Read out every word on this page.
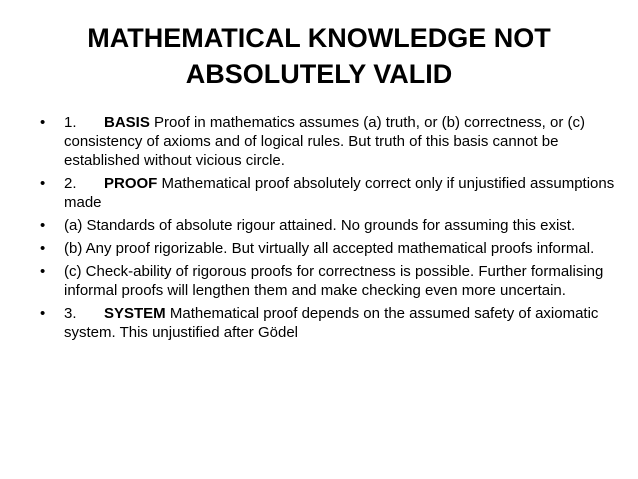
MATHEMATICAL KNOWLEDGE NOT
ABSOLUTELY VALID
•	1. BASIS Proof in mathematics assumes (a) truth, or (b) correctness, or (c) consistency of axioms and of logical rules. But truth of this basis cannot be established without vicious circle.
•	2. PROOF Mathematical proof absolutely correct only if unjustified assumptions made
•	(a) Standards of absolute rigour attained. No grounds for assuming this exist.
•	(b) Any proof rigorizable. But virtually all accepted mathematical proofs informal.
•	(c) Check-ability of rigorous proofs for correctness is possible. Further formalising informal proofs will lengthen them and make checking even more uncertain.
•	3. SYSTEM Mathematical proof depends on the assumed safety of axiomatic system. This unjustified after Gödel
